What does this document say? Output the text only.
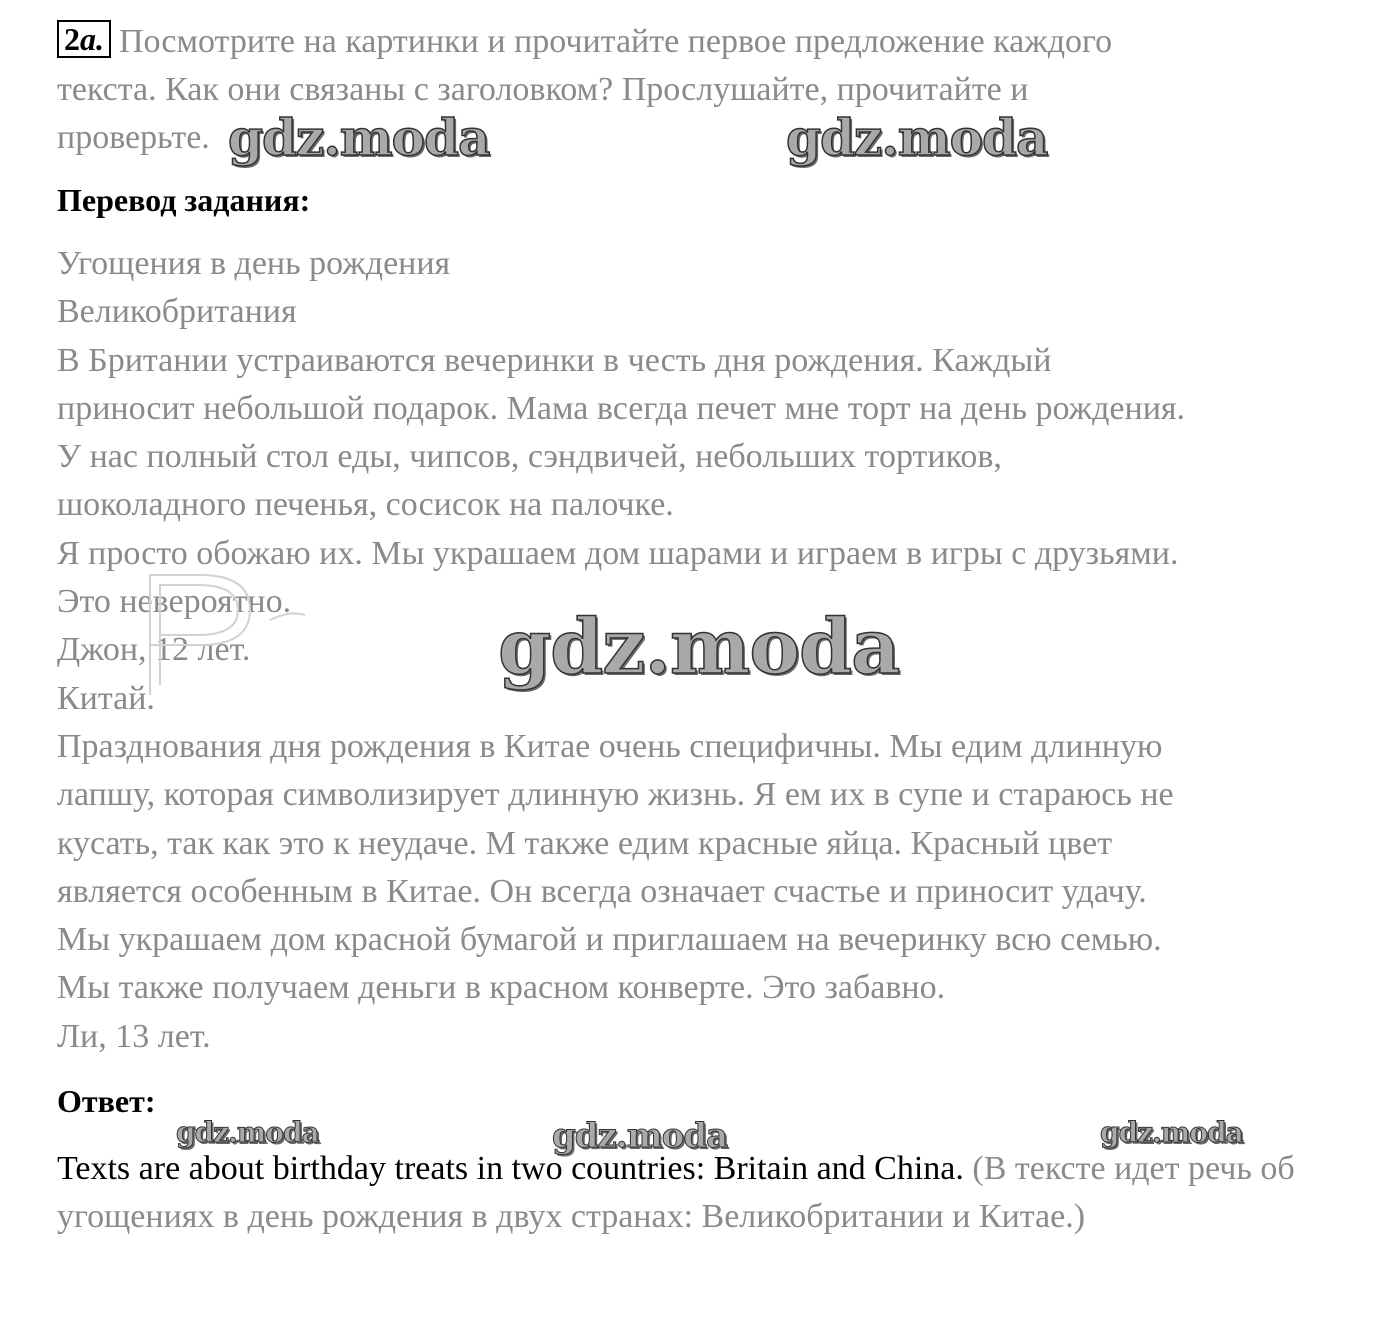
2a. Посмотрите на картинки и прочитайте первое предложение каждого

текста. Как они связаны с заголовком? Прослушайте, прочитайте и

проверьте.

Перевод задания:

Угощения в день рождения

Великобритания

В Британии устраиваются вечеринки в честь дня рождения. Каждый

приносит небольшой подарок. Мама всегда печет мне торт на день рождения.

У нас полный стол еды, чипсов, сэндвичей, небольших тортиков,

шоколадного печенья, сосисок на палочке.

Я просто обожаю их. Мы украшаем дом шарами и играем в игры с друзьями.

Это невероятно.

Джон, 12 лет.

Китай.

Празднования дня рождения в Китае очень специфичны. Мы едим длинную

лапшу, которая символизирует длинную жизнь. Я ем их в супе и стараюсь не

кусать, так как это к неудаче. М также едим красные яйца. Красный цвет

является особенным в Китае. Он всегда означает счастье и приносит удачу.

Мы украшаем дом красной бумагой и приглашаем на вечеринку всю семью.

Мы также получаем деньги в красном конверте. Это забавно.

Ли, 13 лет.

Ответ:

Texts are about birthday treats in two countries: Britain and China. (В тексте идет речь об угощениях в день рождения в двух странах: Великобритании и Китае.)
gdz.moda	gdz.moda
gdz.moda
gdz.moda	gdz.moda	gdz.moda
